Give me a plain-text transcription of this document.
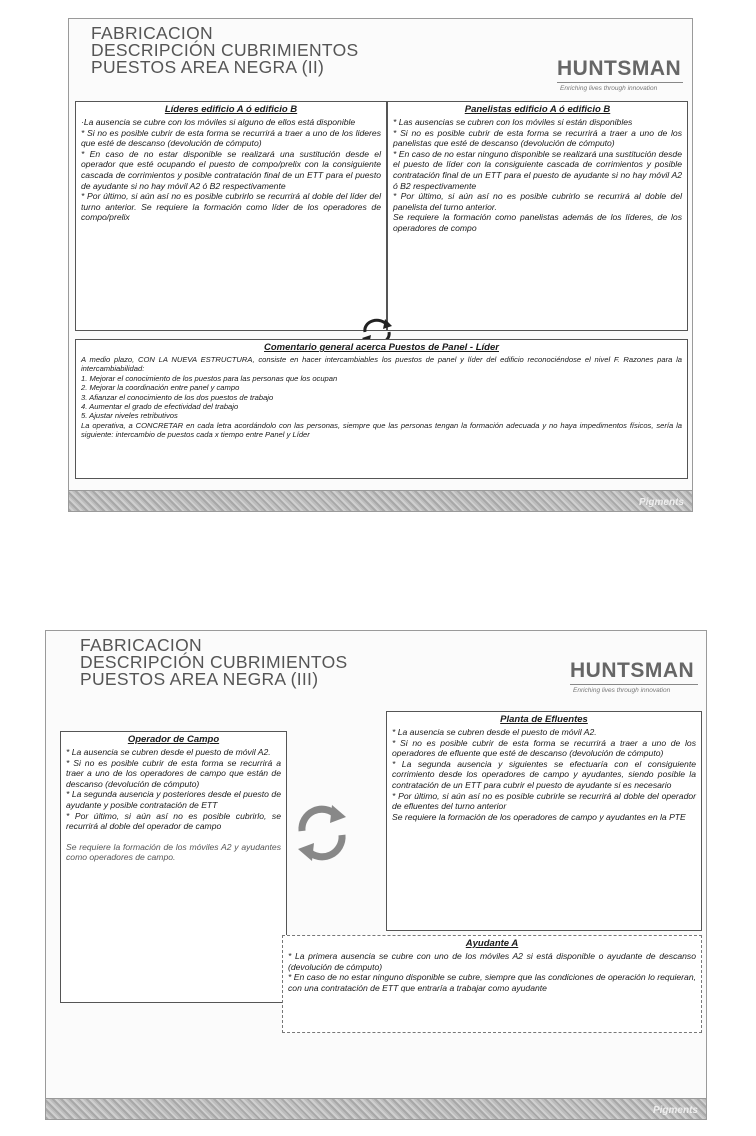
FABRICACION
DESCRIPCIÓN CUBRIMIENTOS
PUESTOS AREA NEGRA (II)	HUNTSMAN
Enriching lives through innovation
Líderes edificio A ó edificio B

·La ausencia se cubre con los móviles si alguno de ellos está disponible

* Si no es posible cubrir de esta forma se recurrirá a traer a uno de los lideres que esté de descanso (devolución de cómputo)

* En caso de no estar disponible se realizará una sustitución desde el operador que esté ocupando el puesto de compo/prelix con la consiguiente cascada de corrimientos y posible contratación final de un ETT para el puesto de ayudante si no hay móvil A2 ó B2 respectivamente

* Por último, si aún así no es posible cubrirlo se recurrirá al doble del líder del turno anterior. Se requiere la formación como líder de los operadores de compo/prelix

Panelistas edificio A ó edificio B

* Las ausencias se cubren con los móviles si están disponibles

* Si no es posible cubrir de esta forma se recurrirá a traer a uno de los panelistas que esté de descanso (devolución de cómputo)

* En caso de no estar ninguno disponible se realizará una sustitución desde el puesto de líder con la consiguiente cascada de corrimientos y posible contratación final de un ETT para el puesto de ayudante si no hay móvil A2 ó B2 respectivamente

* Por último, si aún así no es posible cubrirlo se recurrirá al doble del panelista del turno anterior.

Se requiere la formación como panelistas además de los líderes, de los operadores de compo

Comentario general acerca Puestos de Panel - Líder

A medio plazo, CON LA NUEVA ESTRUCTURA, consiste en hacer intercambiables los puestos de panel y líder del edificio reconociéndose el nivel F. Razones para la intercambiabilidad:

1. Mejorar el conocimiento de los puestos para las personas que los ocupan

2. Mejorar la coordinación entre panel y campo

3. Afianzar el conocimiento de los dos puestos de trabajo

4. Aumentar el grado de efectividad del trabajo

5. Ajustar niveles retributivos

La operativa, a CONCRETAR en cada letra acordándolo con las personas, siempre que las personas tengan la formación adecuada y no haya impedimentos físicos, sería la siguiente: intercambio de puestos cada x tiempo entre Panel y Líder

Pigments
FABRICACION
DESCRIPCIÓN CUBRIMIENTOS
PUESTOS AREA NEGRA (III)	HUNTSMAN
Enriching lives through innovation
Operador de Campo

* La ausencia se cubren desde el puesto de móvil A2.

* Si no es posible cubrir de esta forma se recurrirá a traer a uno de los operadores de campo que están de descanso (devolución de cómputo)

* La segunda ausencia y posteriores desde el puesto de ayudante y posible contratación de ETT

* Por último, si aún así no es posible cubrirlo, se recurrirá al doble del operador de campo

Se requiere la formación de los móviles A2 y ayudantes como operadores de campo.

Planta de Efluentes

* La ausencia se cubren desde el puesto de móvil A2.

* Si no es posible cubrir de esta forma se recurrirá a traer a uno de los operadores de efluente que esté de descanso (devolución de cómputo)

* La segunda ausencia y siguientes se efectuaría con el consiguiente corrimiento desde los operadores de campo y ayudantes, siendo posible la contratación de un ETT para cubrir el puesto de ayudante si es necesario

* Por último, si aún así no es posible cubrirle se recurrirá al doble del operador de efluentes del turno anterior

Se requiere la formación de los operadores de campo y ayudantes en la PTE

Ayudante A

* La primera ausencia se cubre con uno de los móviles A2 si está disponible o ayudante de descanso (devolución de cómputo)

* En caso de no estar ninguno disponible se cubre, siempre que las condiciones de operación lo requieran, con una contratación de ETT que entraría a trabajar como ayudante

Pigments
